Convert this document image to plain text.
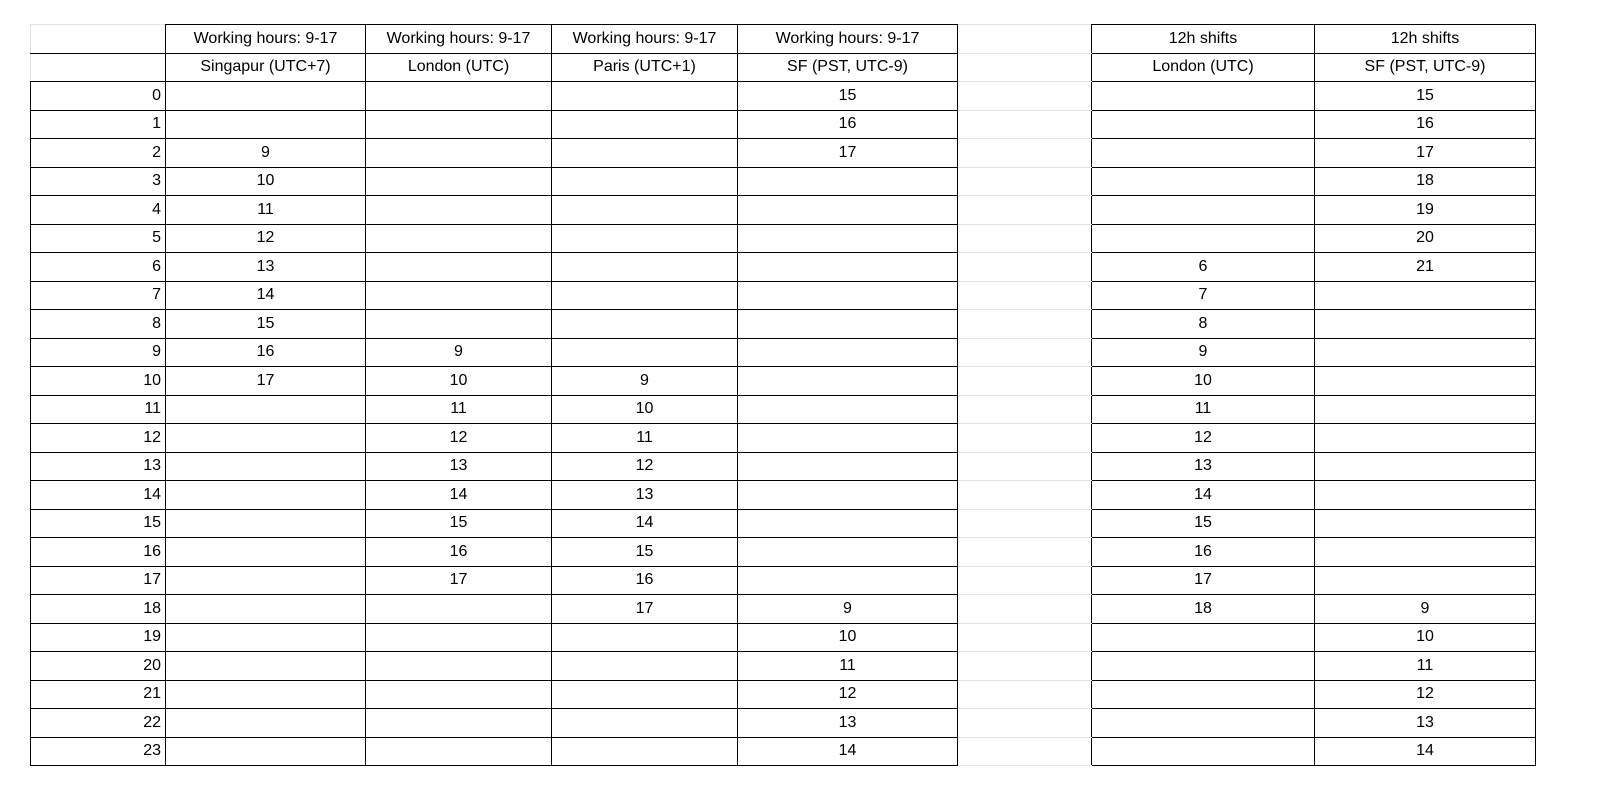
	Working hours: 9-17	Working hours: 9-17	Working hours: 9-17	Working hours: 9-17		12h shifts	12h shifts
	Singapur (UTC+7)	London (UTC)	Paris (UTC+1)	SF (PST, UTC-9)		London (UTC)	SF (PST, UTC-9)
0				15			15
1				16			16
2	9			17			17
3	10						18
4	11						19
5	12						20
6	13					6	21
7	14					7	
8	15					8	
9	16	9				9	
10	17	10	9			10	
11		11	10			11	
12		12	11			12	
13		13	12			13	
14		14	13			14	
15		15	14			15	
16		16	15			16	
17		17	16			17	
18			17	9		18	9
19				10			10
20				11			11
21				12			12
22				13			13
23				14			14
